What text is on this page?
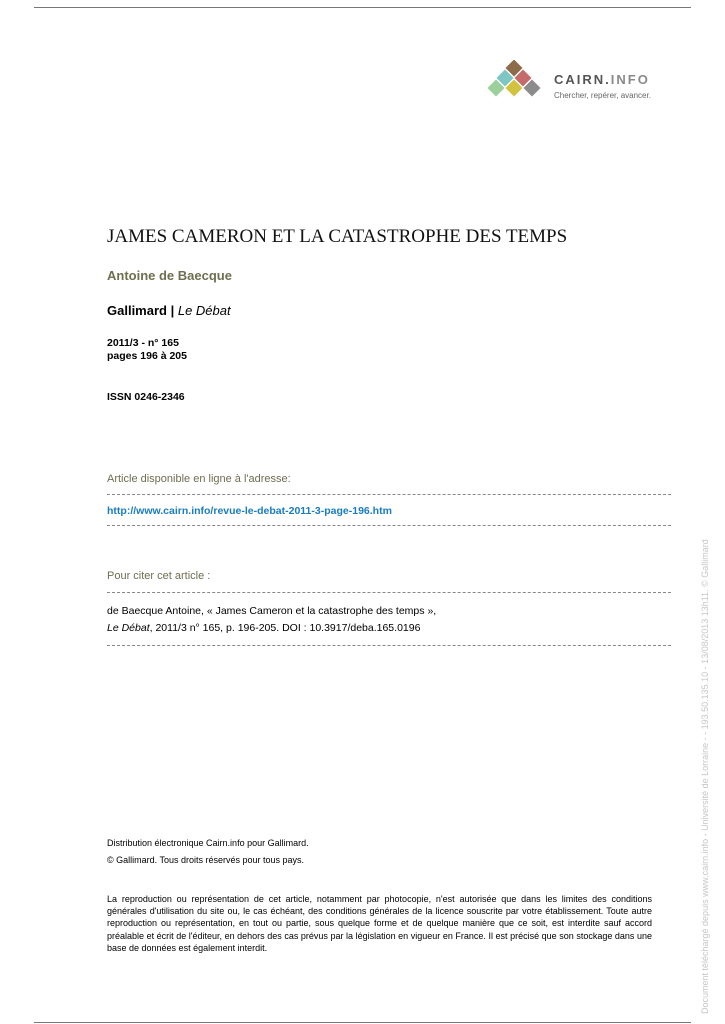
CAIRN.INFO
Chercher, repérer, avancer.
JAMES CAMERON ET LA CATASTROPHE DES TEMPS
Antoine de Baecque
Gallimard | Le Débat
2011/3 - n° 165
pages 196 à 205
ISSN 0246-2346
Article disponible en ligne à l'adresse:
http://www.cairn.info/revue-le-debat-2011-3-page-196.htm
Pour citer cet article :
de Baecque Antoine, « James Cameron et la catastrophe des temps »,
Le Débat, 2011/3 n° 165, p. 196-205. DOI : 10.3917/deba.165.0196
Distribution électronique Cairn.info pour Gallimard.
© Gallimard. Tous droits réservés pour tous pays.
La reproduction ou représentation de cet article, notamment par photocopie, n'est autorisée que dans les limites des conditions générales d'utilisation du site ou, le cas échéant, des conditions générales de la licence souscrite par votre établissement. Toute autre reproduction ou représentation, en tout ou partie, sous quelque forme et de quelque manière que ce soit, est interdite sauf accord préalable et écrit de l'éditeur, en dehors des cas prévus par la législation en vigueur en France. Il est précisé que son stockage dans une base de données est également interdit.	Document téléchargé depuis www.cairn.info - Université de Lorraine - - 193.50.135.10 - 13/08/2013 13h11. © Gallimard
